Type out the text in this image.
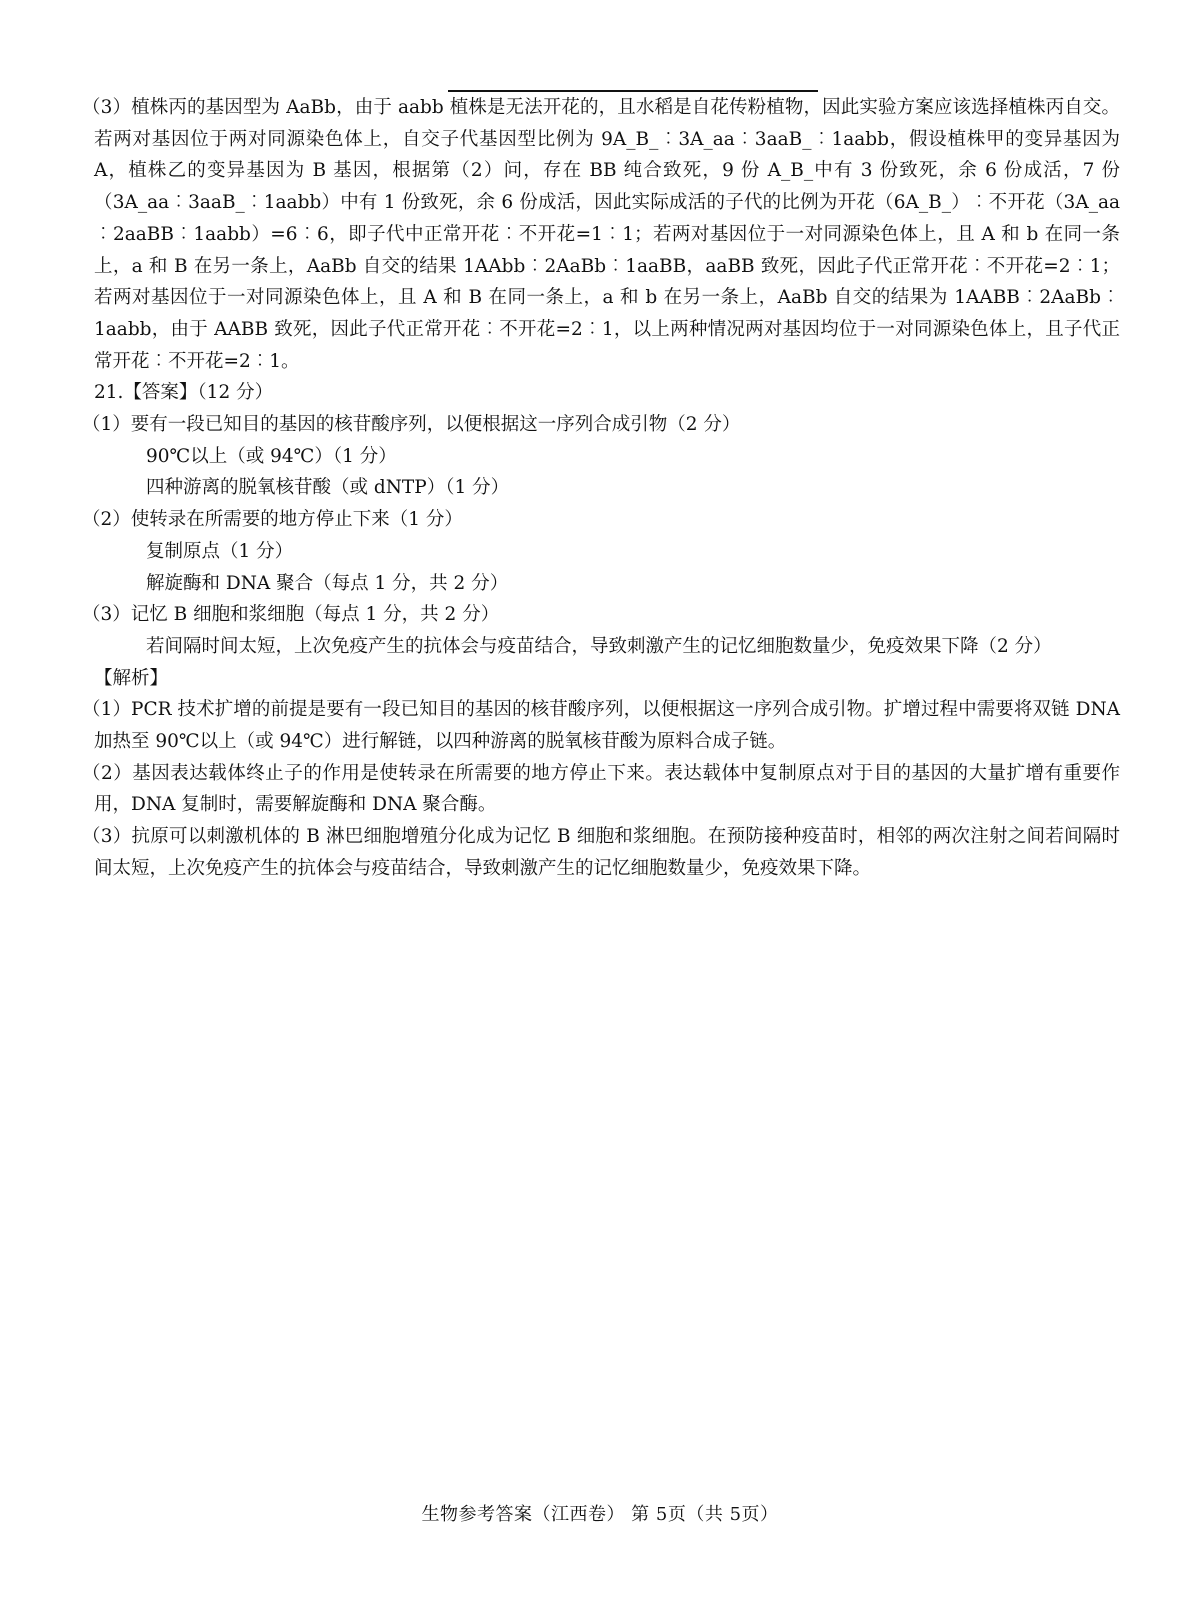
（3）植株丙的基因型为 AaBb，由于 aabb 植株是无法开花的，且水稻是自花传粉植物，因此实验方案应该选择植株丙自交。若两对基因位于两对同源染色体上，自交子代基因型比例为 9A_B_︰3A_aa︰3aaB_︰1aabb，假设植株甲的变异基因为 A，植株乙的变异基因为 B 基因，根据第（2）问，存在 BB 纯合致死，9 份 A_B_中有 3 份致死，余 6 份成活，7 份（3A_aa︰3aaB_︰1aabb）中有 1 份致死，余 6 份成活，因此实际成活的子代的比例为开花（6A_B_）︰不开花（3A_aa︰2aaBB︰1aabb）=6︰6，即子代中正常开花︰不开花=1︰1；若两对基因位于一对同源染色体上，且 A 和 b 在同一条上，a 和 B 在另一条上，AaBb 自交的结果 1AAbb︰2AaBb︰1aaBB，aaBB 致死，因此子代正常开花︰不开花=2︰1；若两对基因位于一对同源染色体上，且 A 和 B 在同一条上，a 和 b 在另一条上，AaBb 自交的结果为 1AABB︰2AaBb︰1aabb，由于 AABB 致死，因此子代正常开花︰不开花=2︰1，以上两种情况两对基因均位于一对同源染色体上，且子代正常开花︰不开花=2︰1。

21.【答案】（12 分）

（1）要有一段已知目的基因的核苷酸序列，以便根据这一序列合成引物（2 分）

90℃以上（或 94℃）（1 分）

四种游离的脱氧核苷酸（或 dNTP）（1 分）

（2）使转录在所需要的地方停止下来（1 分）

复制原点（1 分）

解旋酶和 DNA 聚合（每点 1 分，共 2 分）

（3）记忆 B 细胞和浆细胞（每点 1 分，共 2 分）

若间隔时间太短，上次免疫产生的抗体会与疫苗结合，导致刺激产生的记忆细胞数量少，免疫效果下降（2 分）

【解析】

（1）PCR 技术扩增的前提是要有一段已知目的基因的核苷酸序列，以便根据这一序列合成引物。扩增过程中需要将双链 DNA 加热至 90℃以上（或 94℃）进行解链，以四种游离的脱氧核苷酸为原料合成子链。

（2）基因表达载体终止子的作用是使转录在所需要的地方停止下来。表达载体中复制原点对于目的基因的大量扩增有重要作用，DNA 复制时，需要解旋酶和 DNA 聚合酶。

（3）抗原可以刺激机体的 B 淋巴细胞增殖分化成为记忆 B 细胞和浆细胞。在预防接种疫苗时，相邻的两次注射之间若间隔时间太短，上次免疫产生的抗体会与疫苗结合，导致刺激产生的记忆细胞数量少，免疫效果下降。

生物参考答案（江西卷） 第 5页（共 5页）
